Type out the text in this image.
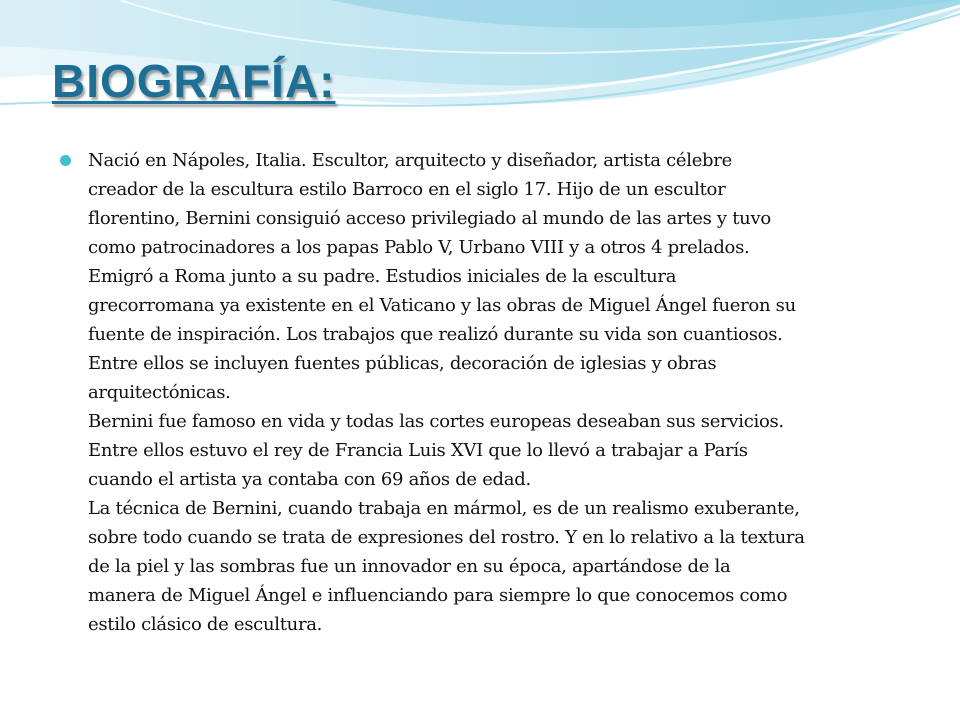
BIOGRAFÍA:
Nació en Nápoles, Italia. Escultor, arquitecto y diseñador, artista célebre
creador de la escultura estilo Barroco en el siglo 17. Hijo de un escultor
florentino, Bernini consiguió acceso privilegiado al mundo de las artes y tuvo
como patrocinadores a los papas Pablo V, Urbano VIII y a otros 4 prelados.
Emigró a Roma junto a su padre. Estudios iniciales de la escultura
grecorromana ya existente en el Vaticano y las obras de Miguel Ángel fueron su
fuente de inspiración. Los trabajos que realizó durante su vida son cuantiosos.
Entre ellos se incluyen fuentes públicas, decoración de iglesias y obras
arquitectónicas.
Bernini fue famoso en vida y todas las cortes europeas deseaban sus servicios.
Entre ellos estuvo el rey de Francia Luis XVI que lo llevó a trabajar a París
cuando el artista ya contaba con 69 años de edad.
La técnica de Bernini, cuando trabaja en mármol, es de un realismo exuberante,
sobre todo cuando se trata de expresiones del rostro. Y en lo relativo a la textura
de la piel y las sombras fue un innovador en su época, apartándose de la
manera de Miguel Ángel e influenciando para siempre lo que conocemos como
estilo clásico de escultura.
